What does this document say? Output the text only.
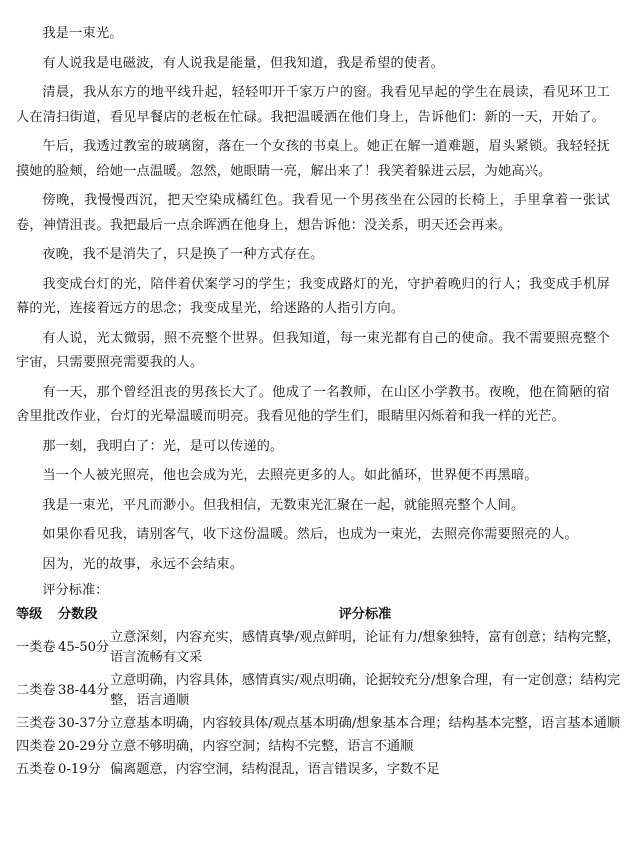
我是一束光。

有人说我是电磁波，有人说我是能量，但我知道，我是希望的使者。

清晨，我从东方的地平线升起，轻轻叩开千家万户的窗。我看见早起的学生在晨读，看见环卫工人在清扫街道，看见早餐店的老板在忙碌。我把温暖洒在他们身上，告诉他们：新的一天，开始了。

午后，我透过教室的玻璃窗，落在一个女孩的书桌上。她正在解一道难题，眉头紧锁。我轻轻抚摸她的脸颊，给她一点温暖。忽然，她眼睛一亮，解出来了！我笑着躲进云层，为她高兴。

傍晚，我慢慢西沉，把天空染成橘红色。我看见一个男孩坐在公园的长椅上，手里拿着一张试卷，神情沮丧。我把最后一点余晖洒在他身上，想告诉他：没关系，明天还会再来。

夜晚，我不是消失了，只是换了一种方式存在。

我变成台灯的光，陪伴着伏案学习的学生；我变成路灯的光，守护着晚归的行人；我变成手机屏幕的光，连接着远方的思念；我变成星光，给迷路的人指引方向。

有人说，光太微弱，照不亮整个世界。但我知道，每一束光都有自己的使命。我不需要照亮整个宇宙，只需要照亮需要我的人。

有一天，那个曾经沮丧的男孩长大了。他成了一名教师，在山区小学教书。夜晚，他在简陋的宿舍里批改作业，台灯的光晕温暖而明亮。我看见他的学生们，眼睛里闪烁着和我一样的光芒。

那一刻，我明白了：光，是可以传递的。

当一个人被光照亮，他也会成为光，去照亮更多的人。如此循环，世界便不再黑暗。

我是一束光，平凡而渺小。但我相信，无数束光汇聚在一起，就能照亮整个人间。

如果你看见我，请别客气，收下这份温暖。然后，也成为一束光，去照亮你需要照亮的人。

因为，光的故事，永远不会结束。

评分标准：
等级	分数段	评分标准
一类卷	45-50分	立意深刻，内容充实，感情真挚/观点鲜明，论证有力/想象独特，富有创意；结构完整，语言流畅有文采
二类卷	38-44分	立意明确，内容具体，感情真实/观点明确，论据较充分/想象合理，有一定创意；结构完整，语言通顺
三类卷	30-37分	立意基本明确，内容较具体/观点基本明确/想象基本合理；结构基本完整，语言基本通顺
四类卷	20-29分	立意不够明确，内容空洞；结构不完整，语言不通顺
五类卷	0-19分	偏离题意，内容空洞，结构混乱，语言错误多，字数不足
